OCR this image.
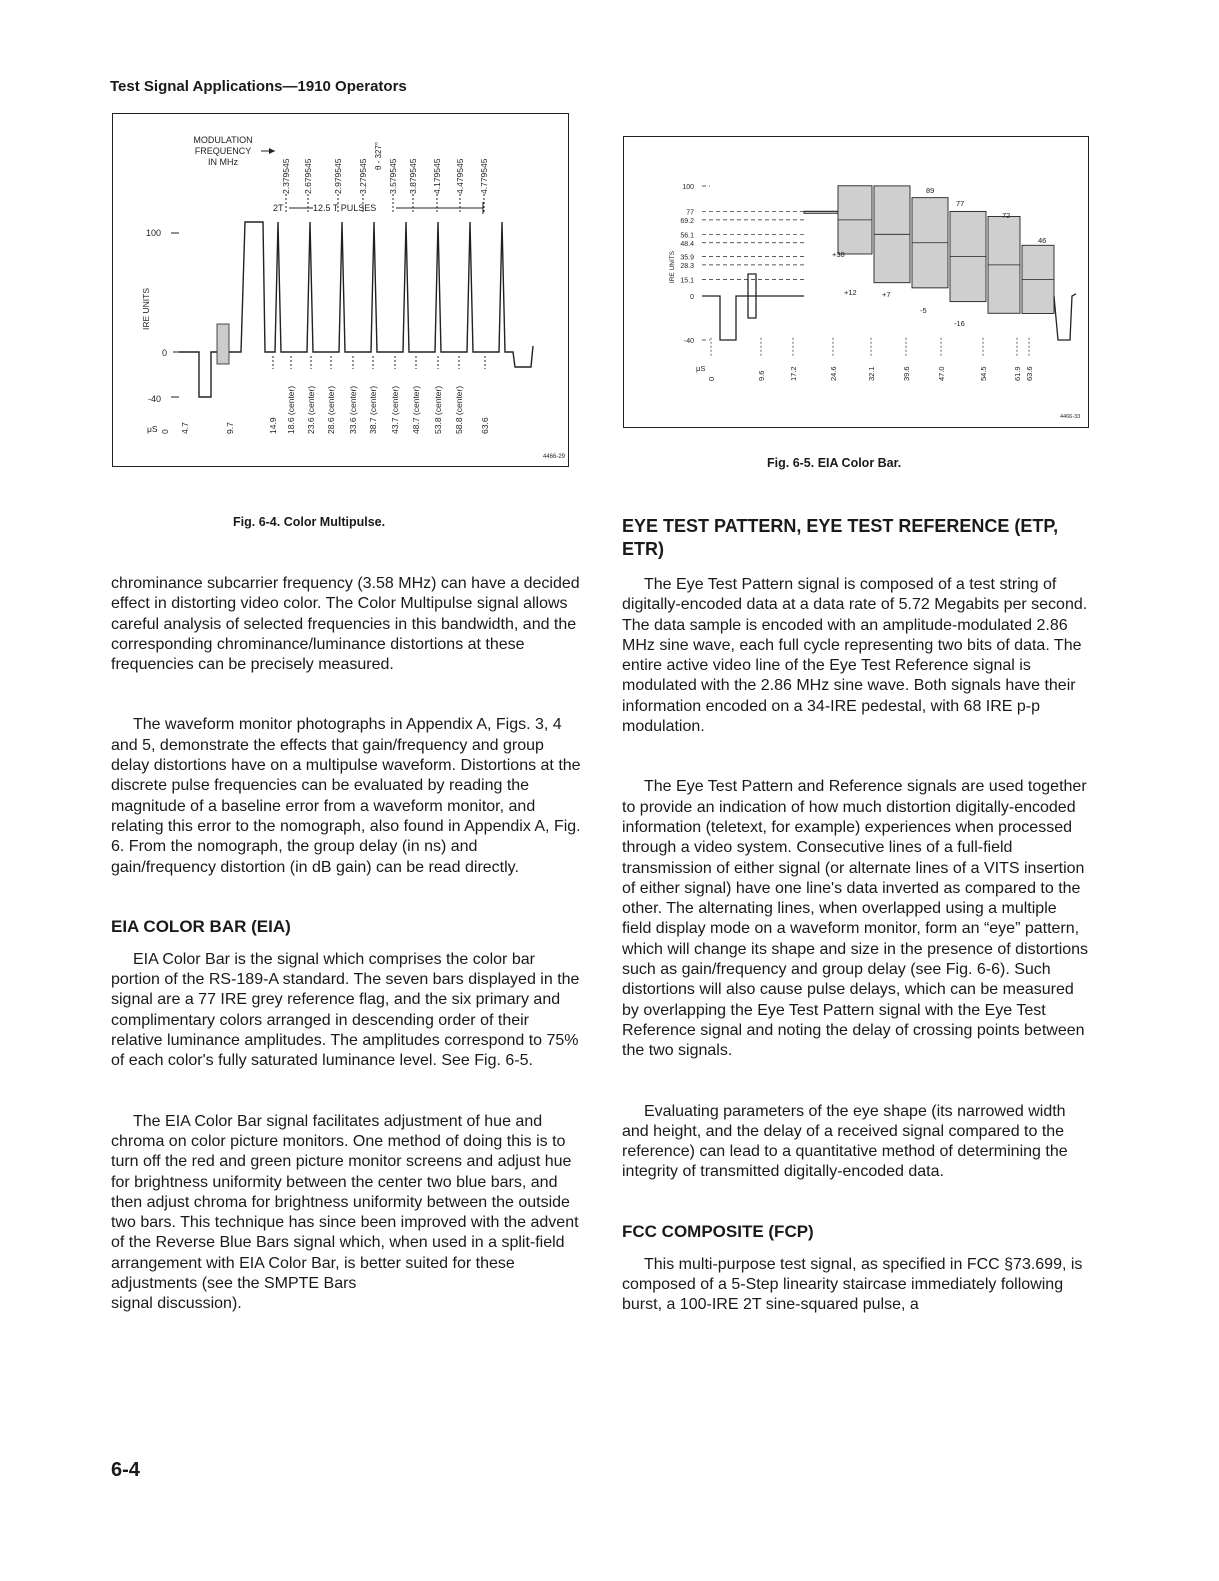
Test Signal Applications—1910 Operators
MODULATION
FREQUENCY
IN MHz	2.379545 2.679545 2.979545 3.279545 3.579545 3.879545 4.179545 4.479545 4.779545
θ - 327°
2T	12.5 T PULSES
100
0
-40
IRE UNITS
μS 0 4.7	9.7	14.9 18.6 (center) 23.6 (center) 28.6 (center) 33.6 (center) 38.7 (center) 43.7 (center) 48.7 (center) 53.8 (center) 58.8 (center) 63.6
4466-29
Fig. 6-4. Color Multipulse.
100
77
69.2
56.1
48.4
35.9
28.3
15.1
0
-40
IRE UNITS
89
77
72
46
+38
+12	+7
-5
-16
μS
0	9.6	17.2	24.6	32.1	39.6	47.0	54.5	61.9 63.6
4466-33
Fig. 6-5. EIA Color Bar.

chrominance subcarrier frequency (3.58 MHz) can have a decided effect in distorting video color. The Color Multipulse signal allows careful analysis of selected frequencies in this bandwidth, and the corresponding chrominance/luminance distortions at these frequencies can be precisely measured.

The waveform monitor photographs in Appendix A, Figs. 3, 4 and 5, demonstrate the effects that gain/frequency and group delay distortions have on a multipulse waveform. Distortions at the discrete pulse frequencies can be evaluated by reading the magnitude of a baseline error from a waveform monitor, and relating this error to the nomograph, also found in Appendix A, Fig. 6. From the nomograph, the group delay (in ns) and gain/frequency distortion (in dB gain) can be read directly.

EIA COLOR BAR (EIA)

EIA Color Bar is the signal which comprises the color bar portion of the RS-189-A standard. The seven bars displayed in the signal are a 77 IRE grey reference flag, and the six primary and complimentary colors arranged in descending order of their relative luminance amplitudes. The amplitudes correspond to 75% of each color's fully saturated luminance level. See Fig. 6-5.

The EIA Color Bar signal facilitates adjustment of hue and chroma on color picture monitors. One method of doing this is to turn off the red and green picture monitor screens and adjust hue for brightness uniformity between the center two blue bars, and then adjust chroma for brightness uniformity between the outside two bars. This technique has since been improved with the advent of the Reverse Blue Bars signal which, when used in a split-field arrangement with EIA Color Bar, is better suited for these adjustments (see the SMPTE Bars

signal discussion).

EYE TEST PATTERN, EYE TEST REFERENCE (ETP, ETR)

The Eye Test Pattern signal is composed of a test string of digitally-encoded data at a data rate of 5.72 Megabits per second. The data sample is encoded with an amplitude-modulated 2.86 MHz sine wave, each full cycle representing two bits of data. The entire active video line of the Eye Test Reference signal is modulated with the 2.86 MHz sine wave. Both signals have their information encoded on a 34-IRE pedestal, with 68 IRE p-p modulation.

The Eye Test Pattern and Reference signals are used together to provide an indication of how much distortion digitally-encoded information (teletext, for example) experiences when processed through a video system. Consecutive lines of a full-field transmission of either signal (or alternate lines of a VITS insertion of either signal) have one line's data inverted as compared to the other. The alternating lines, when overlapped using a multiple field display mode on a waveform monitor, form an “eye” pattern, which will change its shape and size in the presence of distortions such as gain/frequency and group delay (see Fig. 6-6). Such distortions will also cause pulse delays, which can be measured by overlapping the Eye Test Pattern signal with the Eye Test Reference signal and noting the delay of crossing points between the two signals.

Evaluating parameters of the eye shape (its narrowed width and height, and the delay of a received signal compared to the reference) can lead to a quantitative method of determining the integrity of transmitted digitally-encoded data.

FCC COMPOSITE (FCP)

This multi-purpose test signal, as specified in FCC §73.699, is composed of a 5-Step linearity staircase immediately following burst, a 100-IRE 2T sine-squared pulse, a

6-4
